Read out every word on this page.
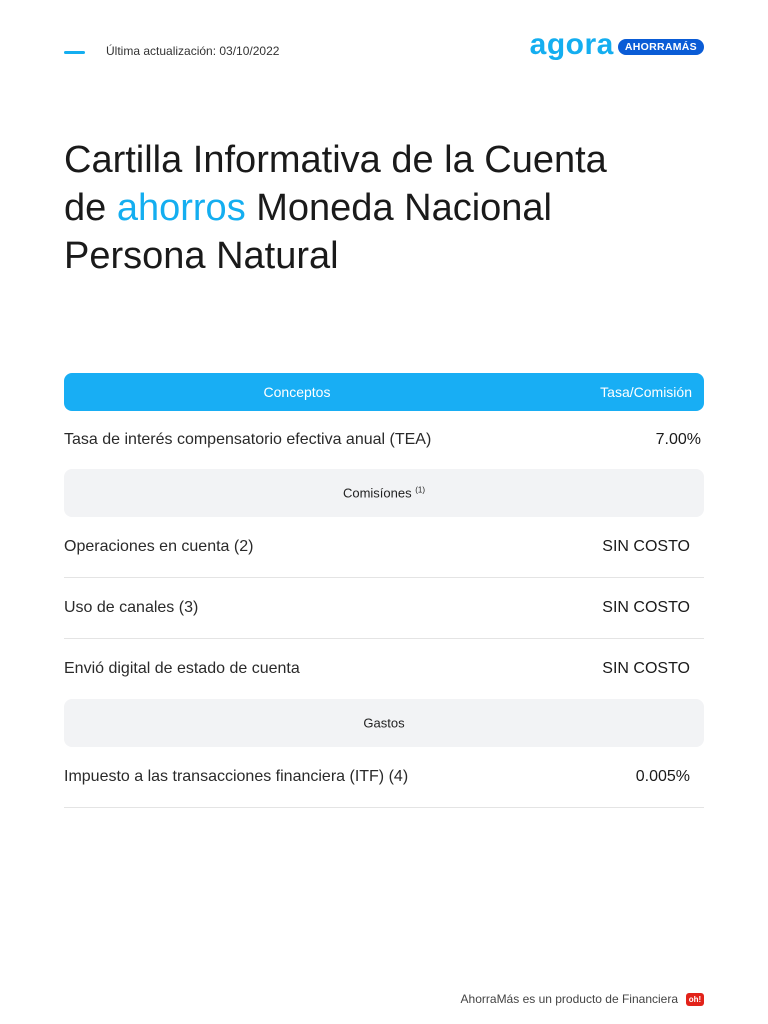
Última actualización: 03/10/2022	agora	AHORRAMÁS
Cartilla Informativa de la Cuenta
de ahorros Moneda Nacional
Persona Natural
Conceptos	Tasa/Comisión
Tasa de interés compensatorio efectiva anual (TEA)	7.00%
Comisíones $^{(1)}$
Operaciones en cuenta (2)	SIN COSTO
Uso de canales (3)	SIN COSTO
Envió digital de estado de cuenta	SIN COSTO
Gastos
Impuesto a las transacciones financiera (ITF) (4)	0.005%
AhorraMás es un producto de Financiera	oh!
